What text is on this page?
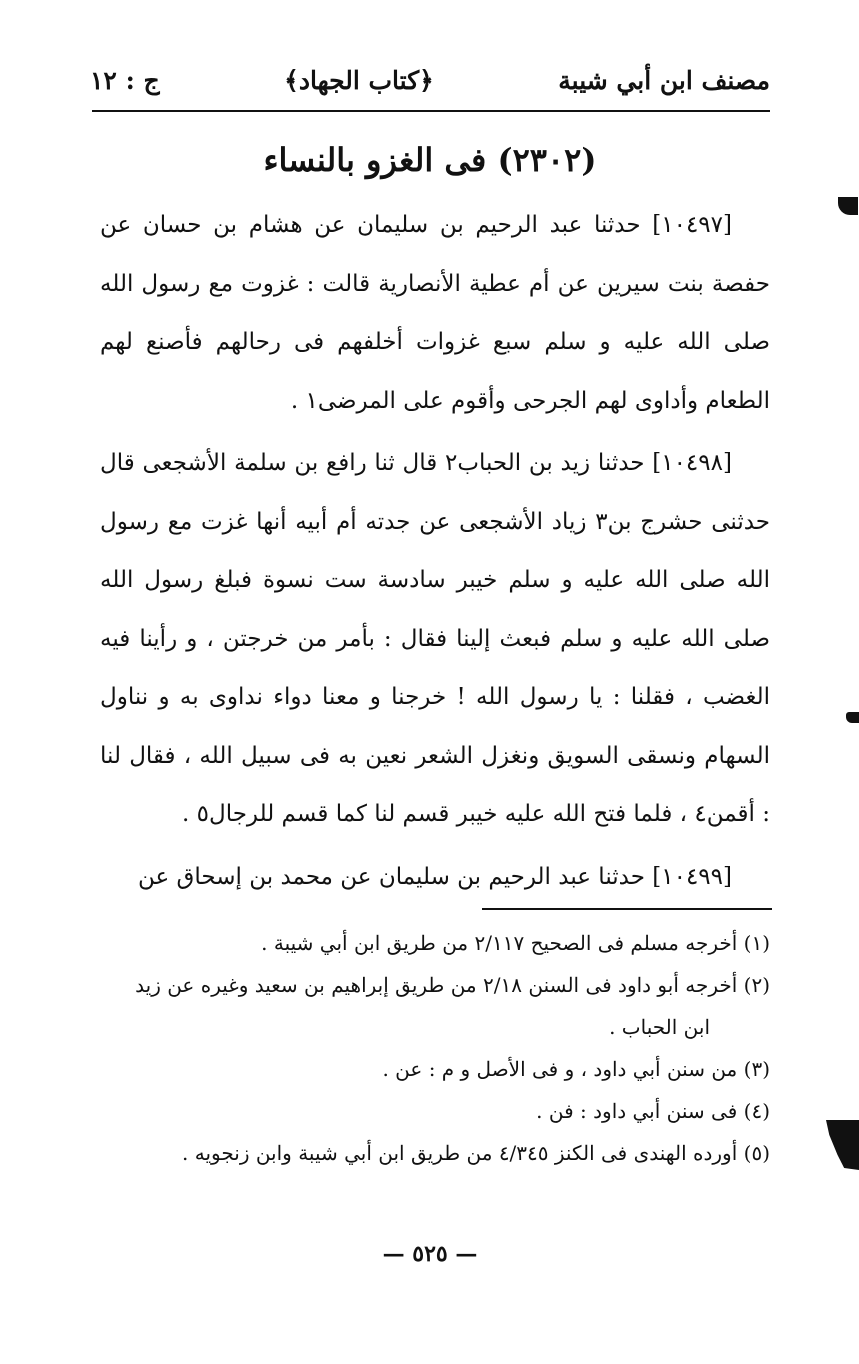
مصنف ابن أبي شيبة
﴿كتاب الجهاد﴾
ج : ١٢
(٢٣٠٢) فى الغزو بالنساء

[١٠٤٩٧] حدثنا عبد الرحيم بن سليمان عن هشام بن حسان عن حفصة بنت سيرين عن أم عطية الأنصارية قالت : غزوت مع رسول الله صلى الله عليه و سلم سبع غزوات أخلفهم فى رحالهم فأصنع لهم الطعام وأداوى لهم الجرحى وأقوم على المرضى١ .

[١٠٤٩٨] حدثنا زيد بن الحباب٢ قال ثنا رافع بن سلمة الأشجعى قال حدثنى حشرج بن٣ زياد الأشجعى عن جدته أم أبيه أنها غزت مع رسول الله صلى الله عليه و سلم خيبر سادسة ست نسوة فبلغ رسول الله صلى الله عليه و سلم فبعث إلينا فقال : بأمر من خرجتن ، و رأينا فيه الغضب ، فقلنا : يا رسول الله ! خرجنا و معنا دواء نداوى به و نناول السهام ونسقى السويق ونغزل الشعر نعين به فى سبيل الله ، فقال لنا : أقمن٤ ، فلما فتح الله عليه خيبر قسم لنا كما قسم للرجال٥ .

[١٠٤٩٩] حدثنا عبد الرحيم بن سليمان عن محمد بن إسحاق عن

(١) أخرجه مسلم فى الصحيح ٢/١١٧ من طريق ابن أبي شيبة .

(٢) أخرجه أبو داود فى السنن ٢/١٨ من طريق إبراهيم بن سعيد وغيره عن زيد

ابن الحباب .

(٣) من سنن أبي داود ، و فى الأصل و م : عن .

(٤) فى سنن أبي داود : فن .

(٥) أورده الهندى فى الكنز ٤/٣٤٥ من طريق ابن أبي شيبة وابن زنجويه .

— ٥٢٥ —
